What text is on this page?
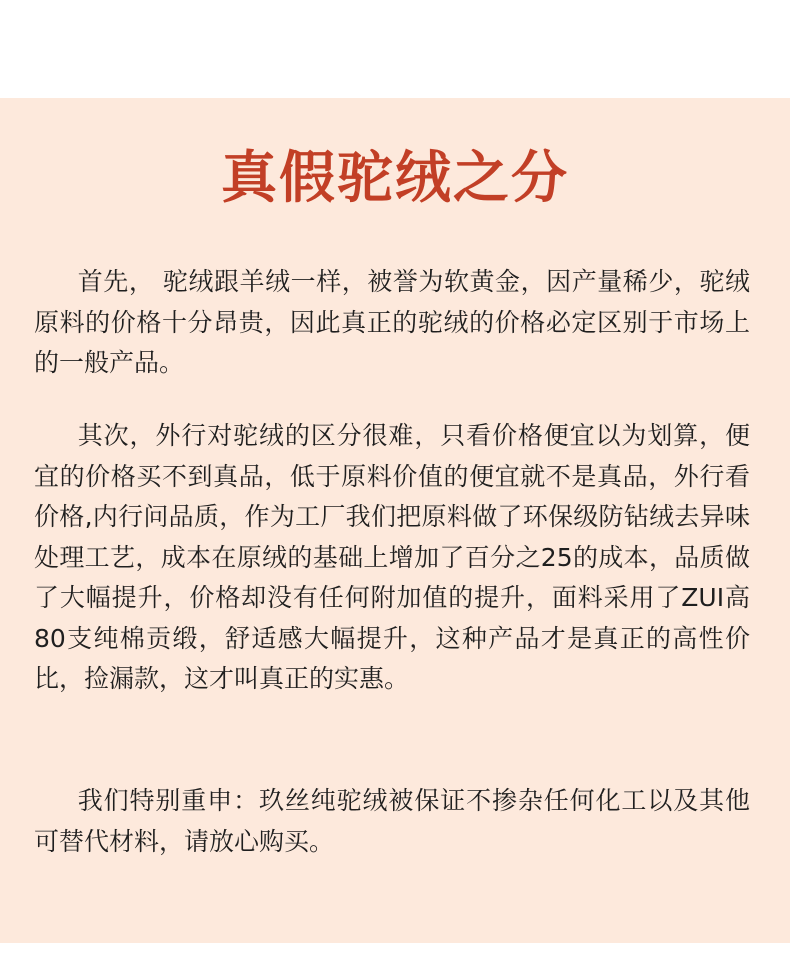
真假驼绒之分

首先， 驼绒跟羊绒一样，被誉为软黄金，因产量稀少，驼绒原料的价格十分昂贵，因此真正的驼绒的价格必定区别于市场上的一般产品。

其次，外行对驼绒的区分很难，只看价格便宜以为划算，便宜的价格买不到真品，低于原料价值的便宜就不是真品，外行看价格,内行问品质，作为工厂我们把原料做了环保级防钻绒去异味处理工艺，成本在原绒的基础上增加了百分之25的成本，品质做了大幅提升，价格却没有任何附加值的提升，面料采用了ZUI高80支纯棉贡缎，舒适感大幅提升，这种产品才是真正的高性价比，捡漏款，这才叫真正的实惠。

我们特别重申：玖丝纯驼绒被保证不掺杂任何化工以及其他可替代材料，请放心购买。
